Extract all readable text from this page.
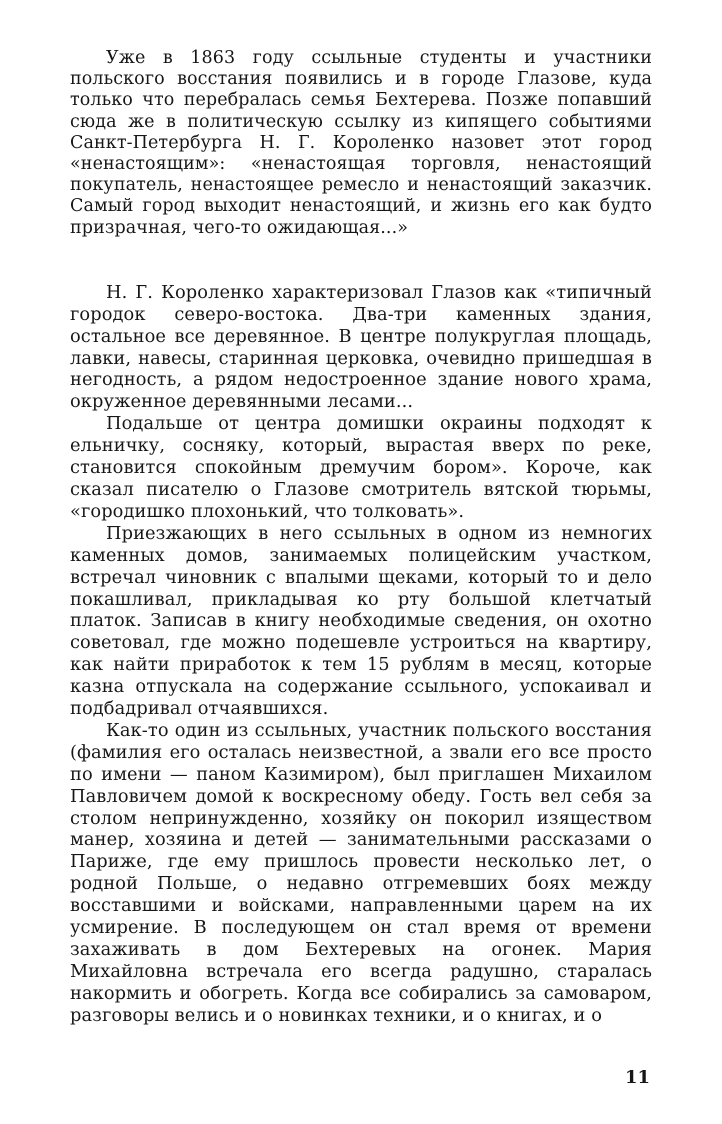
Уже в 1863 году ссыльные студенты и участники польского восстания появились и в городе Глазове, куда только что перебралась семья Бехтерева. Позже попавший сюда же в политическую ссылку из кипящего событиями Санкт-Петербурга Н. Г. Короленко назовет этот город «ненастоящим»: «ненастоящая торговля, ненастоящий покупатель, ненастоящее ремесло и ненастоящий заказчик. Самый город выходит ненастоящий, и жизнь его как будто призрачная, чего-то ожидающая...»

Н. Г. Короленко характеризовал Глазов как «типичный городок северо-востока. Два-три каменных здания, остальное все деревянное. В центре полукруглая площадь, лавки, навесы, старинная церковка, очевидно пришедшая в негодность, а рядом недостроенное здание нового храма, окруженное деревянными лесами...

Подальше от центра домишки окраины подходят к ельничку, сосняку, который, вырастая вверх по реке, становится спокойным дремучим бором». Короче, как сказал писателю о Глазове смотритель вятской тюрьмы, «городишко плохонький, что толковать».

Приезжающих в него ссыльных в одном из немногих каменных домов, занимаемых полицейским участком, встречал чиновник с впалыми щеками, который то и дело покашливал, прикладывая ко рту большой клетчатый платок. Записав в книгу необходимые сведения, он охотно советовал, где можно подешевле устроиться на квартиру, как найти приработок к тем 15 рублям в месяц, которые казна отпускала на содержание ссыльного, успокаивал и подбадривал отчаявшихся.

Как-то один из ссыльных, участник польского восстания (фамилия его осталась неизвестной, а звали его все просто по имени — паном Казимиром), был приглашен Михаилом Павловичем домой к воскресному обеду. Гость вел себя за столом непринужденно, хозяйку он покорил изяществом манер, хозяина и детей — занимательными рассказами о Париже, где ему пришлось провести несколько лет, о родной Польше, о недавно отгремевших боях между восставшими и войсками, направленными царем на их усмирение. В последующем он стал время от времени захаживать в дом Бехтеревых на огонек. Мария Михайловна встречала его всегда радушно, старалась накормить и обогреть. Когда все собирались за самоваром, разговоры велись и о новинках техники, и о книгах, и о

11
